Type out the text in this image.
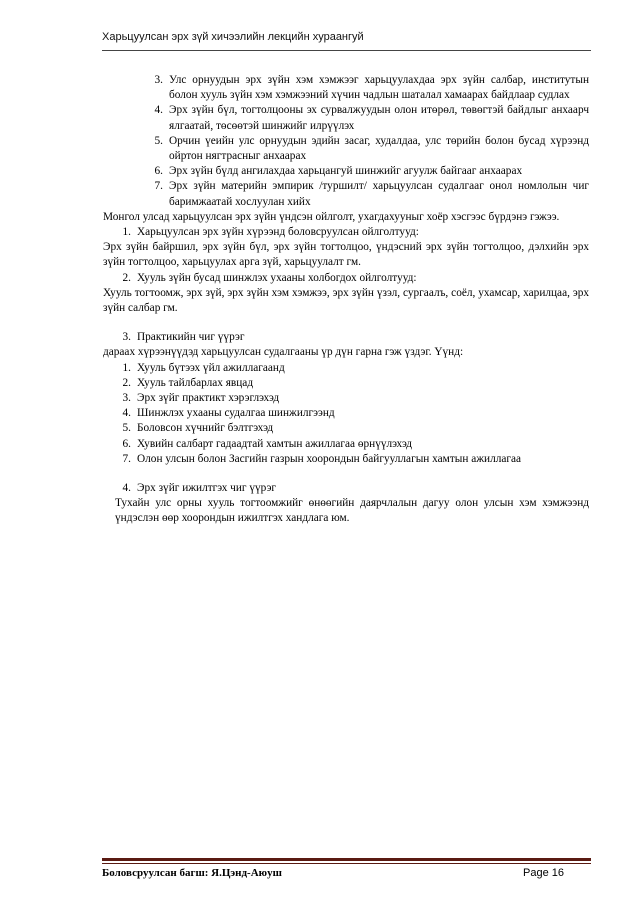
Харьцуулсан эрх зүй хичээлийн лекцийн хураангуй
3. Улс орнуудын эрх зүйн хэм хэмжээг харьцуулахдаа эрх зүйн салбар, институтын болон хууль зүйн хэм хэмжээний хүчин чадлын шаталал хамаарах байдлаар судлах
4. Эрх зүйн бүл, тогтолцооны эх сурвалжуудын олон итөрөл, төвөгтэй байдлыг анхаарч ялгаатай, төсөөтэй шинжийг илрүүлэх
5. Орчин үеийн улс орнуудын эдийн засаг, худалдаа, улс төрийн болон бусад хүрээнд ойртон нягтрасныг анхаарах
6. Эрх зүйн бүлд ангилахдаа харьцангуй шинжийг агуулж байгааг анхаарах
7. Эрх зүйн материйн эмпирик /туршилт/ харьцуулсан судалгааг онол номлолын чиг баримжаатай хослуулан хийх

Монгол улсад харьцуулсан эрх зүйн үндсэн ойлголт, ухагдахууныг хоёр хэсгээс бүрдэнэ гэжээ.

1. Харьцуулсан эрх зүйн хүрээнд боловсруулсан ойлголтууд:

Эрх зүйн байршил, эрх зүйн бүл, эрх зүйн тогтолцоо, үндэсний эрх зүйн тогтолцоо, дэлхийн эрх зүйн тогтолцоо, харьцуулах арга зүй, харьцуулалт гм.

2. Хууль зүйн бусад шинжлэх ухааны холбогдох ойлголтууд:

Хууль тогтоомж, эрх зүй, эрх зүйн хэм хэмжээ, эрх зүйн үзэл, сургаалъ, соёл, ухамсар, харилцаа, эрх зүйн салбар гм.

3. Практикийн чиг үүрэг

дараах хүрээнүүдэд харьцуулсан судалгааны үр дүн гарна гэж үздэг. Үүнд:

1. Хууль бүтээх үйл ажиллагаанд
2. Хууль тайлбарлах явцад
3. Эрх зүйг практикт хэрэглэхэд
4. Шинжлэх ухааны судалгаа шинжилгээнд
5. Боловсон хүчнийг бэлтгэхэд
6. Хувийн салбарт гадаадтай хамтын ажиллагаа өрнүүлэхэд
7. Олон улсын болон Засгийн газрын хоорондын байгууллагын хамтын ажиллагаа
4. Эрх зүйг ижилтгэх чиг үүрэг

Тухайн улс орны хууль тогтоомжийг өнөөгийн даярчлалын дагуу олон улсын хэм хэмжээнд үндэслэн өөр хоорондын ижилтгэх хандлага юм.

Боловсруулсан багш: Я.Цэнд-Аюуш	Page 16
